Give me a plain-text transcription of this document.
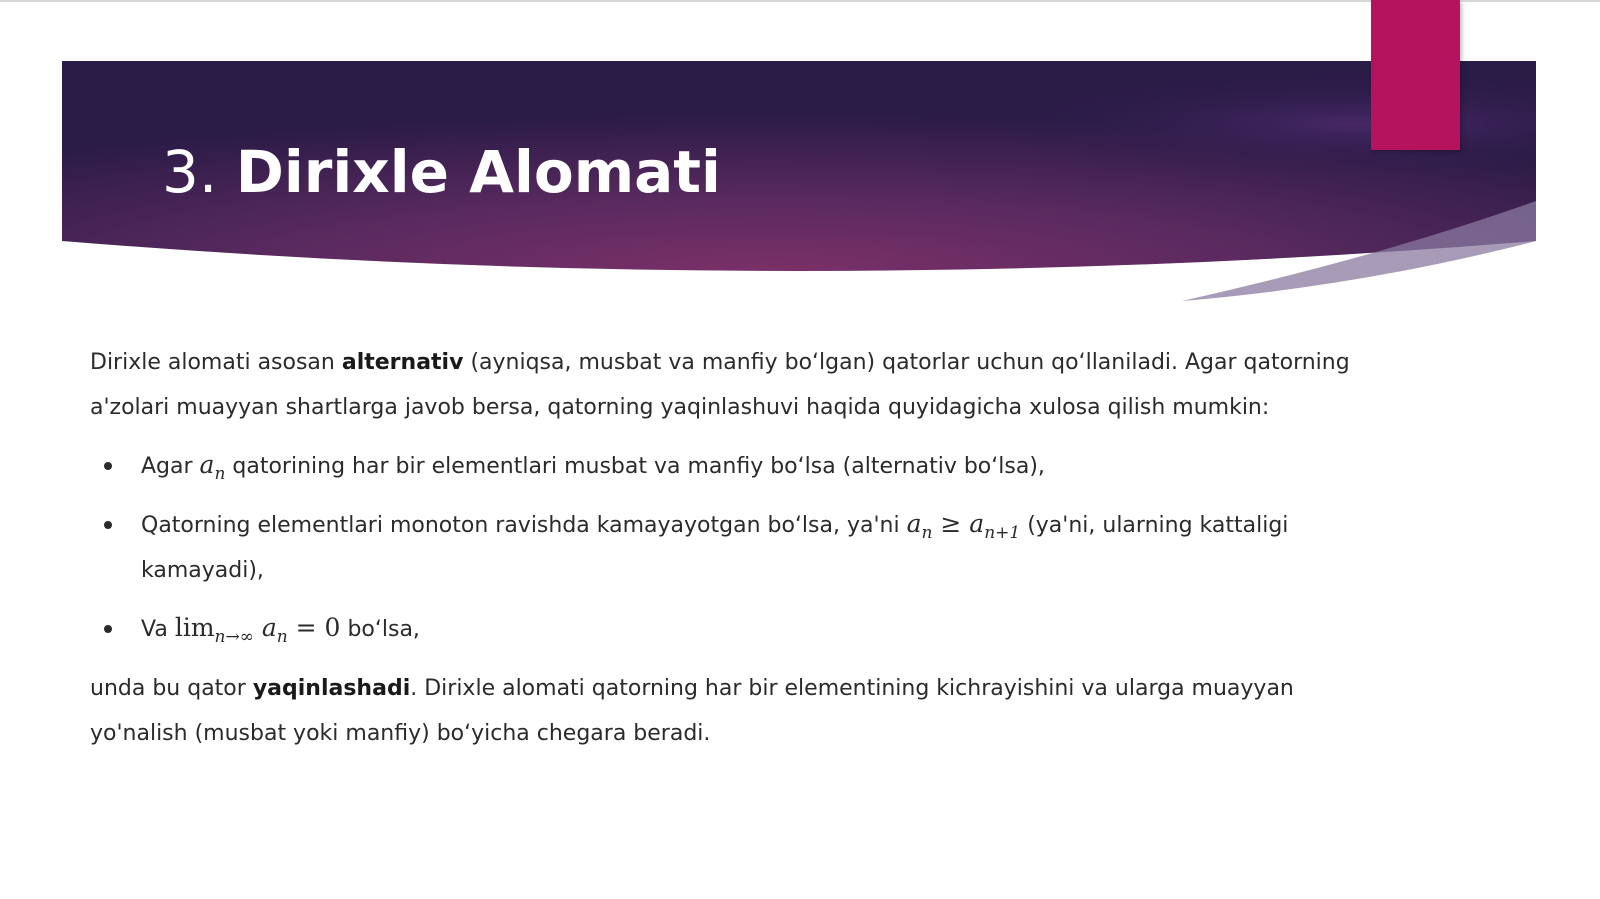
3. Dirixle Alomati

Dirixle alomati asosan alternativ (ayniqsa, musbat va manfiy bo‘lgan) qatorlar uchun qo‘llaniladi. Agar qatorning a'zolari muayyan shartlarga javob bersa, qatorning yaqinlashuvi haqida quyidagicha xulosa qilish mumkin:

Agar $a_n$ qatorining har bir elementlari musbat va manfiy bo‘lsa (alternativ bo‘lsa),
Qatorning elementlari monoton ravishda kamayayotgan bo‘lsa, ya'ni $a_n \ge a_{n+1}$ (ya'ni, ularning kattaligi kamayadi),
Va $\lim_{n\to\infty} a_n = 0$ bo‘lsa,

unda bu qator yaqinlashadi. Dirixle alomati qatorning har bir elementining kichrayishini va ularga muayyan yo'nalish (musbat yoki manfiy) bo‘yicha chegara beradi.
